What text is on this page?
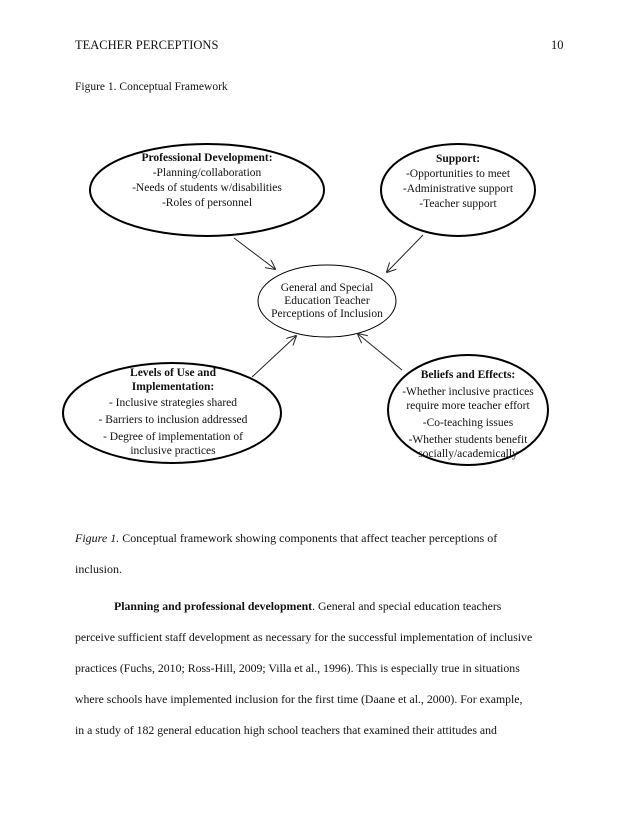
TEACHER PERCEPTIONS	10
Figure 1. Conceptual Framework
Professional Development:
-Planning/collaboration
-Needs of students w/disabilities
-Roles of personnel
Support:
-Opportunities to meet
-Administrative support
-Teacher support
General and Special
Education Teacher
Perceptions of Inclusion
Levels of Use and
Implementation:
- Inclusive strategies shared
- Barriers to inclusion addressed
- Degree of implementation of
inclusive practices
Beliefs and Effects:
-Whether inclusive practices
require more teacher effort
-Co-teaching issues
-Whether students benefit
socially/academically
Figure 1. Conceptual framework showing components that affect teacher perceptions of
inclusion.
Planning and professional development. General and special education teachers
perceive sufficient staff development as necessary for the successful implementation of inclusive
practices (Fuchs, 2010; Ross-Hill, 2009; Villa et al., 1996). This is especially true in situations
where schools have implemented inclusion for the first time (Daane et al., 2000). For example,
in a study of 182 general education high school teachers that examined their attitudes and
